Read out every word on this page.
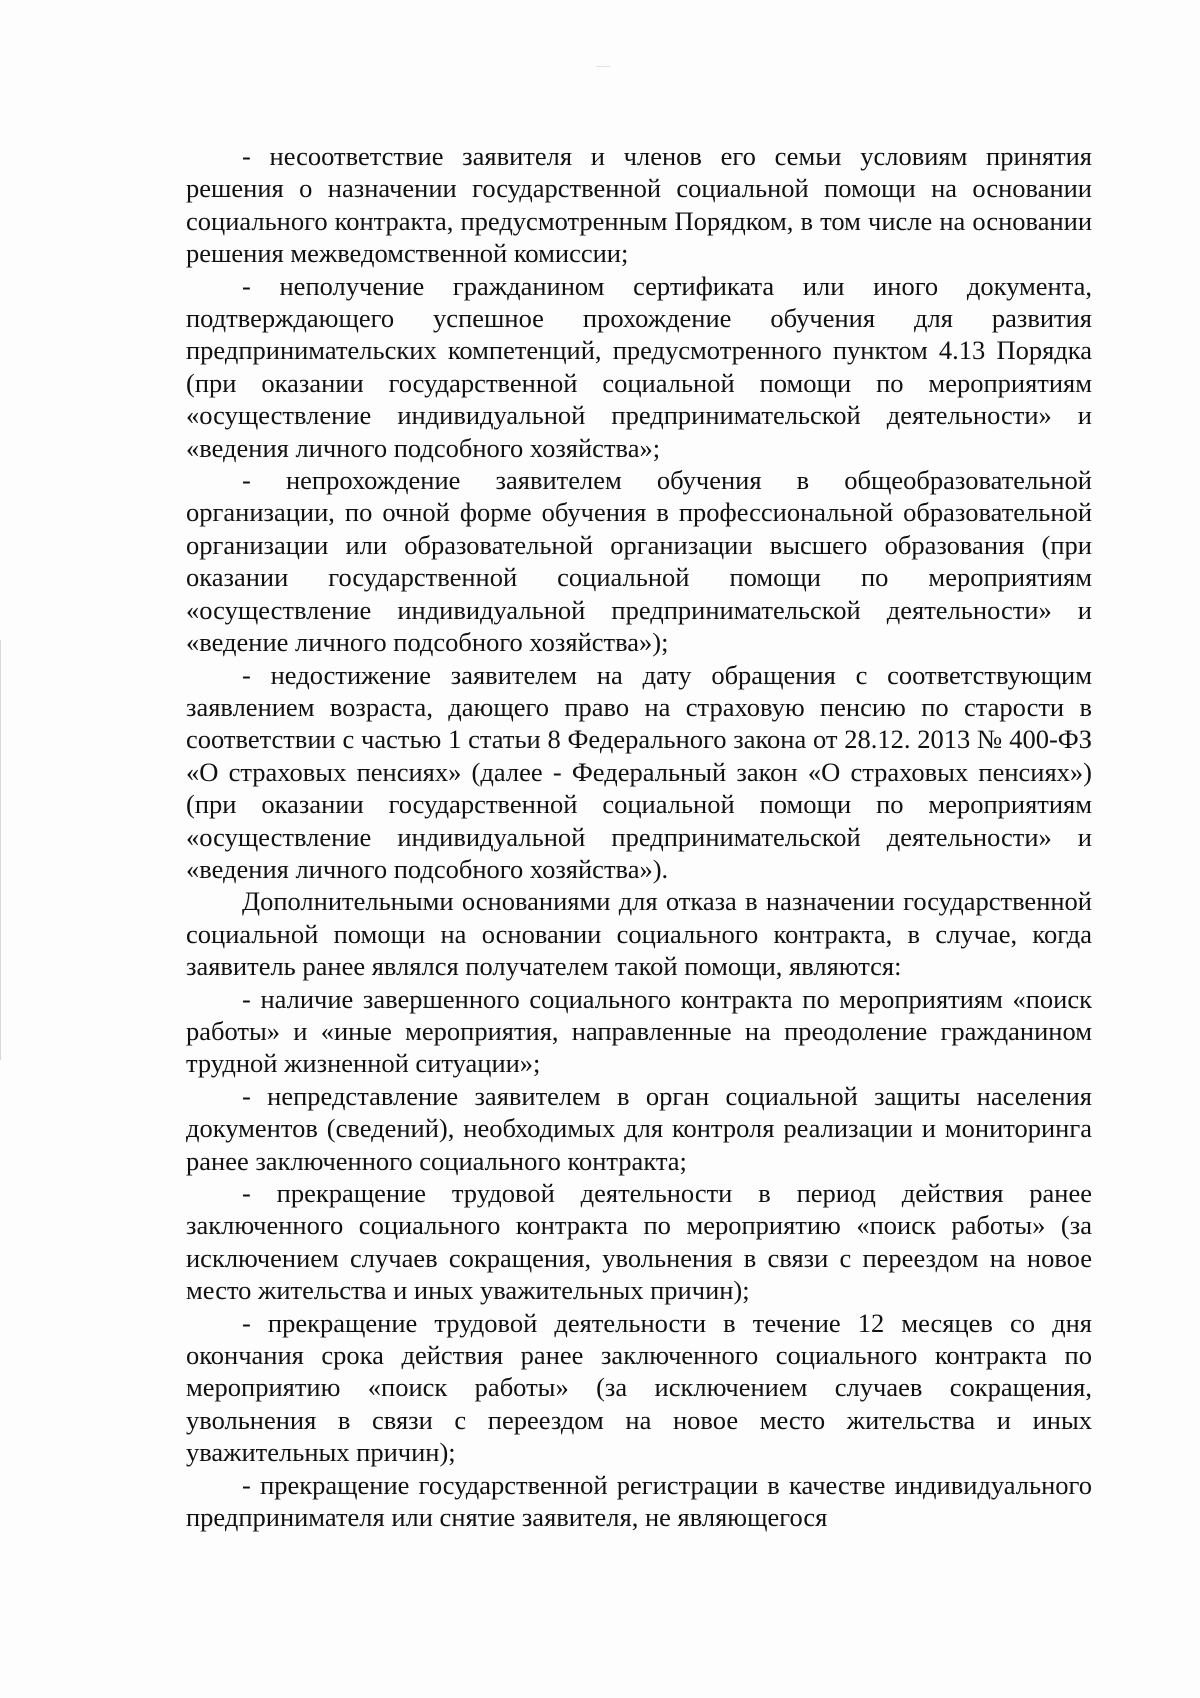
- несоответствие заявителя и членов его семьи условиям принятия решения о назначении государственной социальной помощи на основании социального контракта, предусмотренным Порядком, в том числе на основании решения межведомственной комиссии;

- неполучение гражданином сертификата или иного документа, подтверждающего успешное прохождение обучения для развития предпринимательских компетенций, предусмотренного пунктом 4.13 Порядка (при оказании государственной социальной помощи по мероприятиям «осуществление индивидуальной предпринимательской деятельности» и «ведения личного подсобного хозяйства»;

- непрохождение заявителем обучения в общеобразовательной организации, по очной форме обучения в профессиональной образовательной организации или образовательной организации высшего образования (при оказании государственной социальной помощи по мероприятиям «осуществление индивидуальной предпринимательской деятельности» и «ведение личного подсобного хозяйства»);

- недостижение заявителем на дату обращения с соответствующим заявлением возраста, дающего право на страховую пенсию по старости в соответствии с частью 1 статьи 8 Федерального закона от 28.12. 2013 № 400-ФЗ «О страховых пенсиях» (далее - Федеральный закон «О страховых пенсиях») (при оказании государственной социальной помощи по мероприятиям «осуществление индивидуальной предпринимательской деятельности» и «ведения личного подсобного хозяйства»).

Дополнительными основаниями для отказа в назначении государственной социальной помощи на основании социального контракта, в случае, когда заявитель ранее являлся получателем такой помощи, являются:

- наличие завершенного социального контракта по мероприятиям «поиск работы» и «иные мероприятия, направленные на преодоление гражданином трудной жизненной ситуации»;

- непредставление заявителем в орган социальной защиты населения документов (сведений), необходимых для контроля реализации и мониторинга ранее заключенного социального контракта;

- прекращение трудовой деятельности в период действия ранее заключенного социального контракта по мероприятию «поиск работы» (за исключением случаев сокращения, увольнения в связи с переездом на новое место жительства и иных уважительных причин);

- прекращение трудовой деятельности в течение 12 месяцев со дня окончания срока действия ранее заключенного социального контракта по мероприятию «поиск работы» (за исключением случаев сокращения, увольнения в связи с переездом на новое место жительства и иных уважительных причин);

- прекращение государственной регистрации в качестве индивидуального предпринимателя или снятие заявителя, не являющегося
